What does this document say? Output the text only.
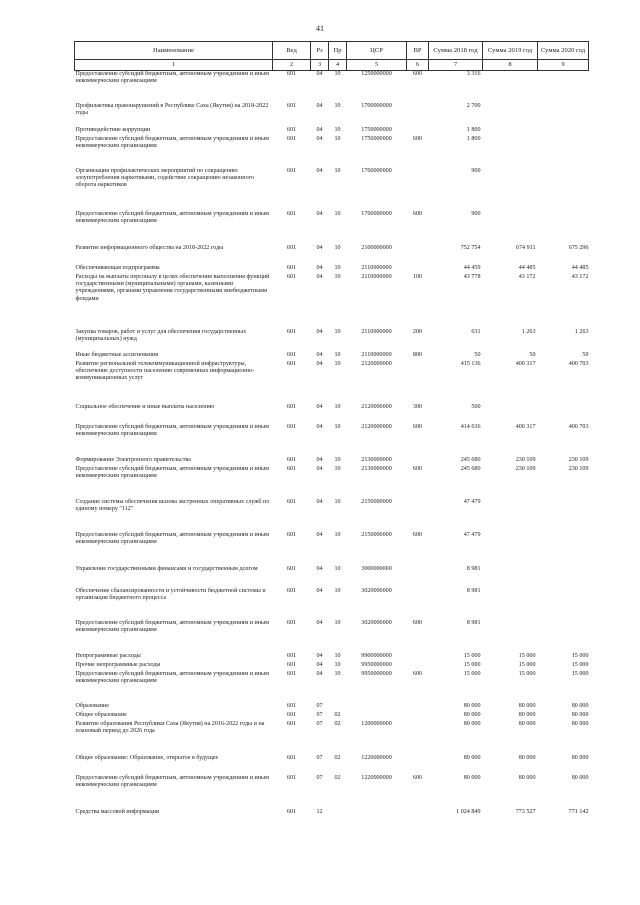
41
Наименование	Вед	Рз	Пр	ЦСР	ВР	Сумма 2018 год	Сумма 2019 год	Сумма 2020 год
1	2	3	4	5	6	7	8	9
Предоставление субсидий бюджетным, автономным учреждениям и иным некоммерческим организациям	601	04	10	1250000000	600	3 316		
Профилактика правонарушений в Республике Саха (Якутия) на 2018-2022 годы	601	04	10	1700000000		2 700		
Противодействие коррупции	601	04	10	1750000000		1 800		
Предоставление субсидий бюджетным, автономным учреждениям и иным некоммерческим организациям	601	04	10	1750000000	600	1 800		
Организация профилактических мероприятий по сокращению злоупотребления наркотиками, содействие сокращению незаконного оборота наркотиков	601	04	10	1760000000		900		
Предоставление субсидий бюджетным, автономным учреждениям и иным некоммерческим организациям	601	04	10	1760000000	600	900		
Развитие информационного общества на 2018-2022 годы	601	04	10	2100000000		752 754	674 911	675 296
Обеспечивающая подпрограмма	601	04	10	2110000000		44 459	44 485	44 485
Расходы на выплаты персоналу в целях обеспечения выполнения функций государственными (муниципальными) органами, казенными учреждениями, органами управления государственными внебюджетными фондами	601	04	10	2110000000	100	43 778	43 172	43 172
Закупка товаров, работ и услуг для обеспечения государственных (муниципальных) нужд	601	04	10	2110000000	200	631	1 263	1 263
Иные бюджетные ассигнования	601	04	10	2110000000	800	50	50	50
Развитие региональной телекоммуникационной инфраструктуры, обеспечение доступности населению современных информационно-коммуникационных услуг	601	04	10	2120000000		415 136	400 317	400 703
Социальное обеспечение и иные выплаты населению	601	04	10	2120000000	300	500		
Предоставление субсидий бюджетным, автономным учреждениям и иным некоммерческим организациям	601	04	10	2120000000	600	414 636	400 317	400 703
Формирование Электронного правительства	601	04	10	2130000000		245 680	230 109	230 109
Предоставление субсидий бюджетным, автономным учреждениям и иным некоммерческим организациям	601	04	10	2130000000	600	245 680	230 109	230 109
Создание системы обеспечения вызова экстренных оперативных служб по единому номеру "112"	601	04	10	2150000000		47 479		
Предоставление субсидий бюджетным, автономным учреждениям и иным некоммерческим организациям	601	04	10	2150000000	600	47 479		
Управление государственными финансами и государственным долгом	601	04	10	3000000000		8 981		
Обеспечение сбалансированности и устойчивости бюджетной системы и организация бюджетного процесса	601	04	10	3020000000		8 981		
Предоставление субсидий бюджетным, автономным учреждениям и иным некоммерческим организациям	601	04	10	3020000000	600	8 981		
Непрограммные расходы	601	04	10	9900000000		15 000	15 000	15 000
Прочие непрограммные расходы	601	04	10	9950000000		15 000	15 000	15 000
Предоставление субсидий бюджетным, автономным учреждениям и иным некоммерческим организациям	601	04	10	9950000000	600	15 000	15 000	15 000
Образование	601	07				80 000	80 000	80 000
Общее образование	601	07	02			80 000	80 000	80 000
Развитие образования Республики Саха (Якутия) на 2016-2022 годы и на плановый период до 2026 года	601	07	02	1200000000		80 000	80 000	80 000
Общее образование: Образование, открытое в будущее	601	07	02	1220000000		80 000	80 000	80 000
Предоставление субсидий бюджетным, автономным учреждениям и иным некоммерческим организациям	601	07	02	1220000000	600	80 000	80 000	80 000
Средства массовой информации	601	12				1 024 849	773 527	771 142
